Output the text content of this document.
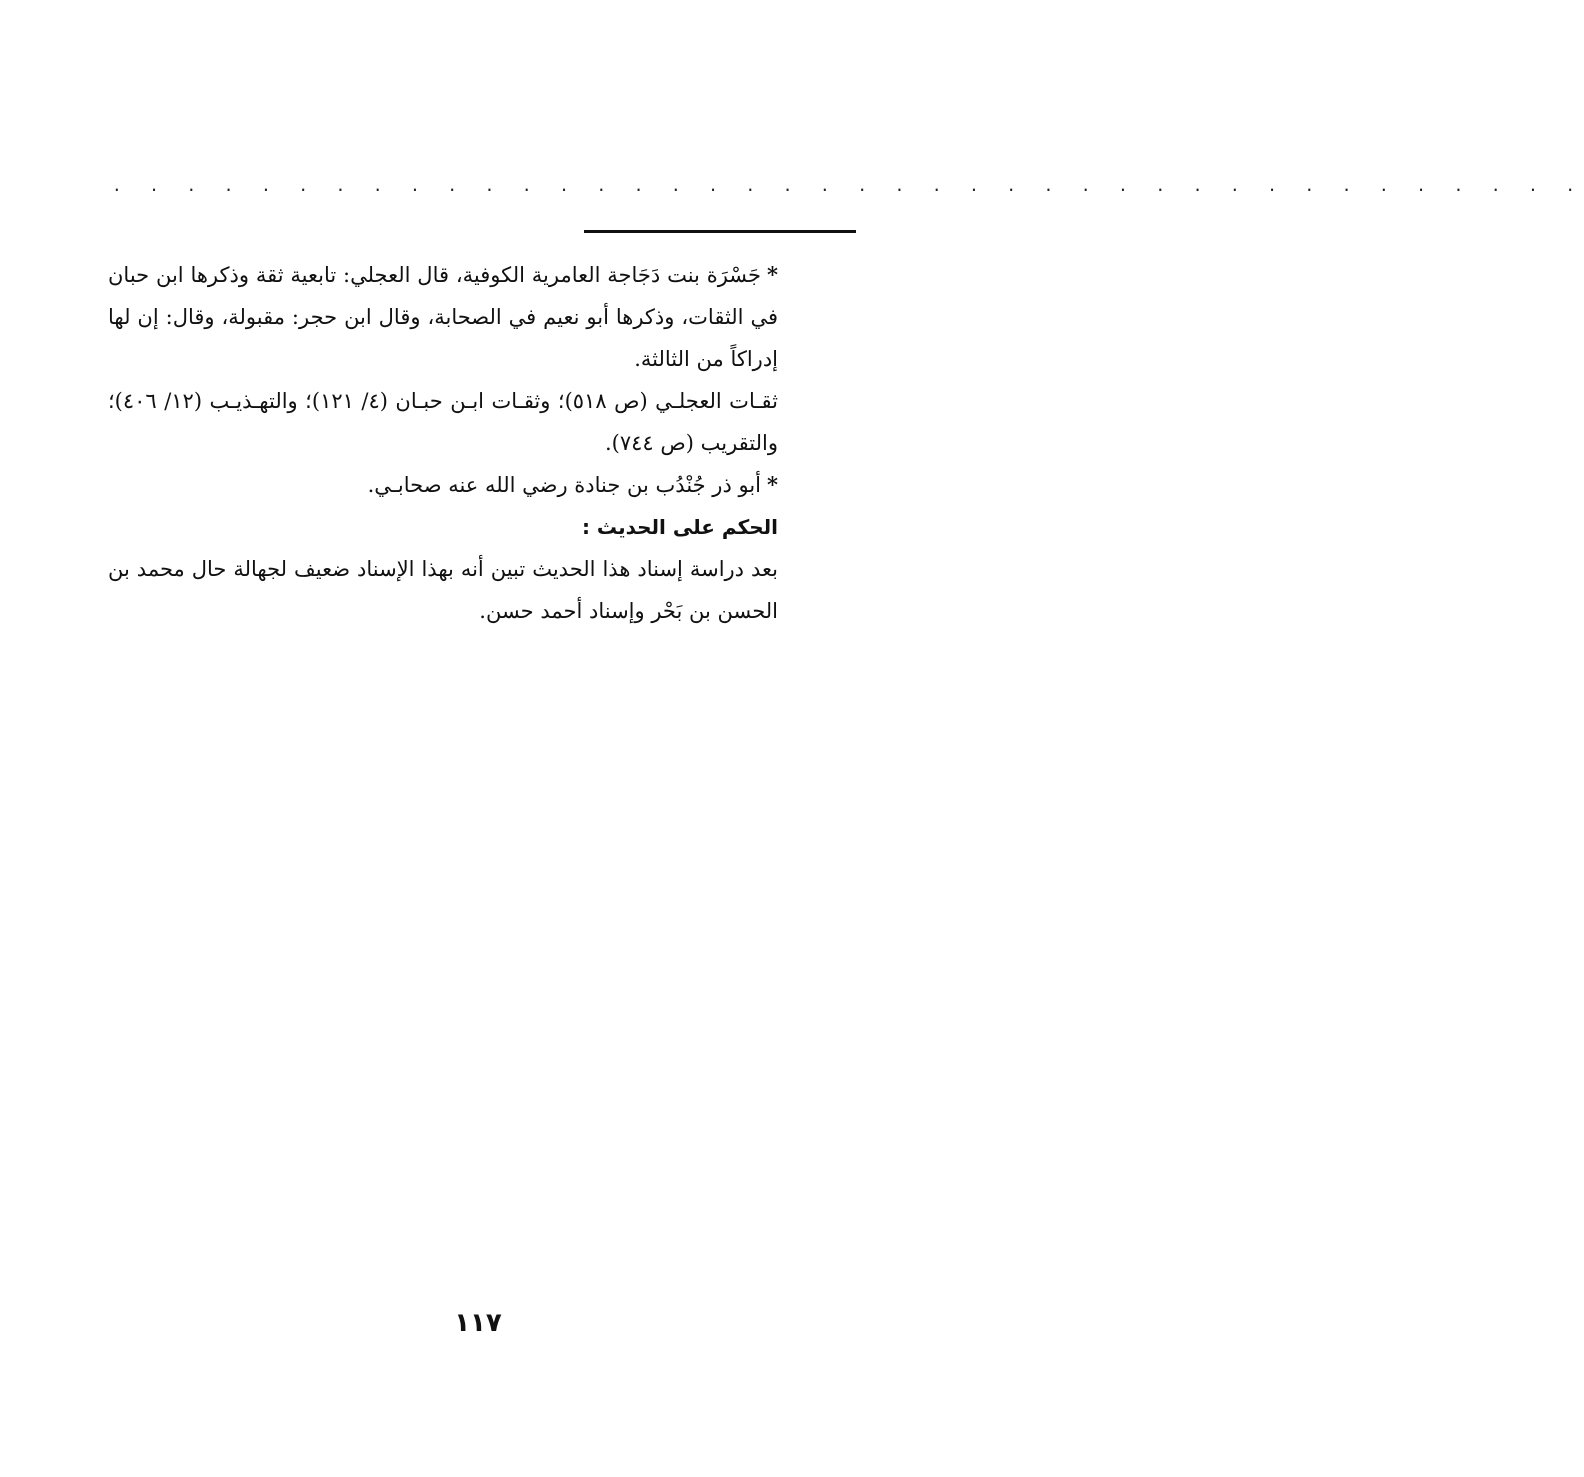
. . . . . . . . . . . . . . . . . . . . . . . . . . . . . . . . . . . . . . . .

*جَسْرَة بنت دَجَاجة العامرية الكوفية، قال العجلي: تابعية ثقة وذكرها ابن حبان في الثقات، وذكرها أبو نعيم في الصحابة، وقال ابن حجر: مقبولة، وقال: إن لها إدراكاً من الثالثة.

ثقـات العجلـي (ص ٥١٨)؛ وثقـات ابـن حبـان (٤/ ١٢١)؛ والتهـذيـب (١٢/ ٤٠٦)؛ والتقريب (ص ٧٤٤).

*أبو ذر جُنْدُب بن جنادة رضي الله عنه صحابـي.

الحكم على الحديث :

بعد دراسة إسناد هذا الحديث تبين أنه بهذا الإسناد ضعيف لجهالة حال محمد بن الحسن بن بَحْر وإسناد أحمد حسن.

١١٧
